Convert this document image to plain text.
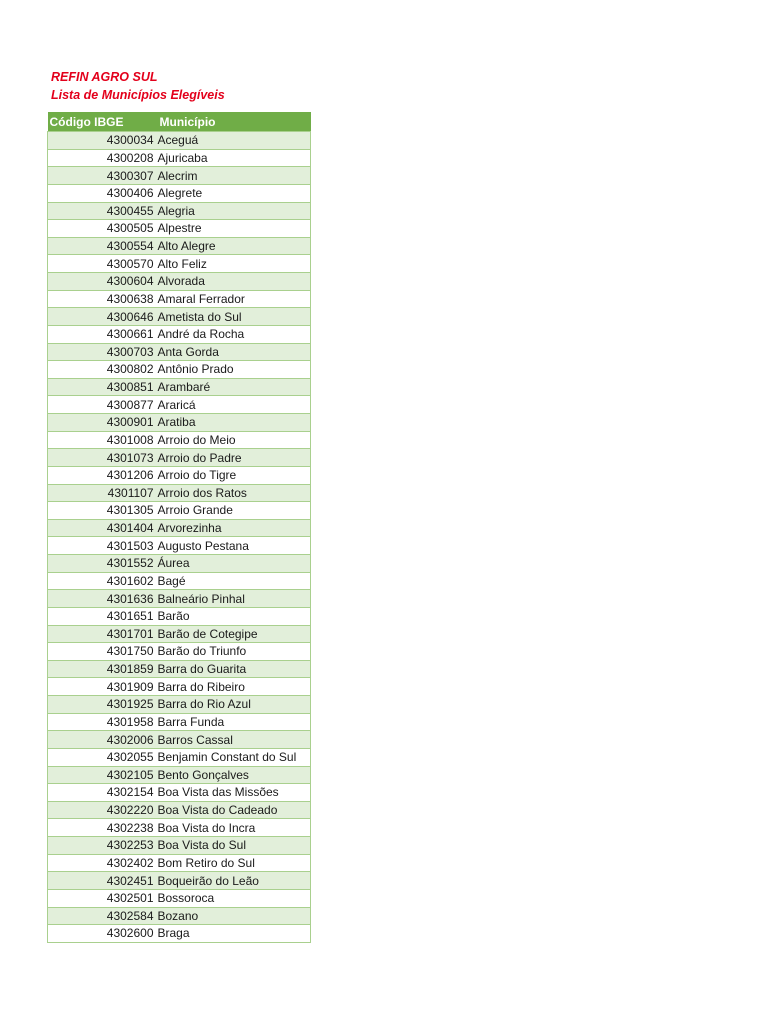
REFIN AGRO SUL
Lista de Municípios Elegíveis
Código IBGE		Município
	4300034	Aceguá
	4300208	Ajuricaba
	4300307	Alecrim
	4300406	Alegrete
	4300455	Alegria
	4300505	Alpestre
	4300554	Alto Alegre
	4300570	Alto Feliz
	4300604	Alvorada
	4300638	Amaral Ferrador
	4300646	Ametista do Sul
	4300661	André da Rocha
	4300703	Anta Gorda
	4300802	Antônio Prado
	4300851	Arambaré
	4300877	Araricá
	4300901	Aratiba
	4301008	Arroio do Meio
	4301073	Arroio do Padre
	4301206	Arroio do Tigre
	4301107	Arroio dos Ratos
	4301305	Arroio Grande
	4301404	Arvorezinha
	4301503	Augusto Pestana
	4301552	Áurea
	4301602	Bagé
	4301636	Balneário Pinhal
	4301651	Barão
	4301701	Barão de Cotegipe
	4301750	Barão do Triunfo
	4301859	Barra do Guarita
	4301909	Barra do Ribeiro
	4301925	Barra do Rio Azul
	4301958	Barra Funda
	4302006	Barros Cassal
	4302055	Benjamin Constant do Sul
	4302105	Bento Gonçalves
	4302154	Boa Vista das Missões
	4302220	Boa Vista do Cadeado
	4302238	Boa Vista do Incra
	4302253	Boa Vista do Sul
	4302402	Bom Retiro do Sul
	4302451	Boqueirão do Leão
	4302501	Bossoroca
	4302584	Bozano
	4302600	Braga
